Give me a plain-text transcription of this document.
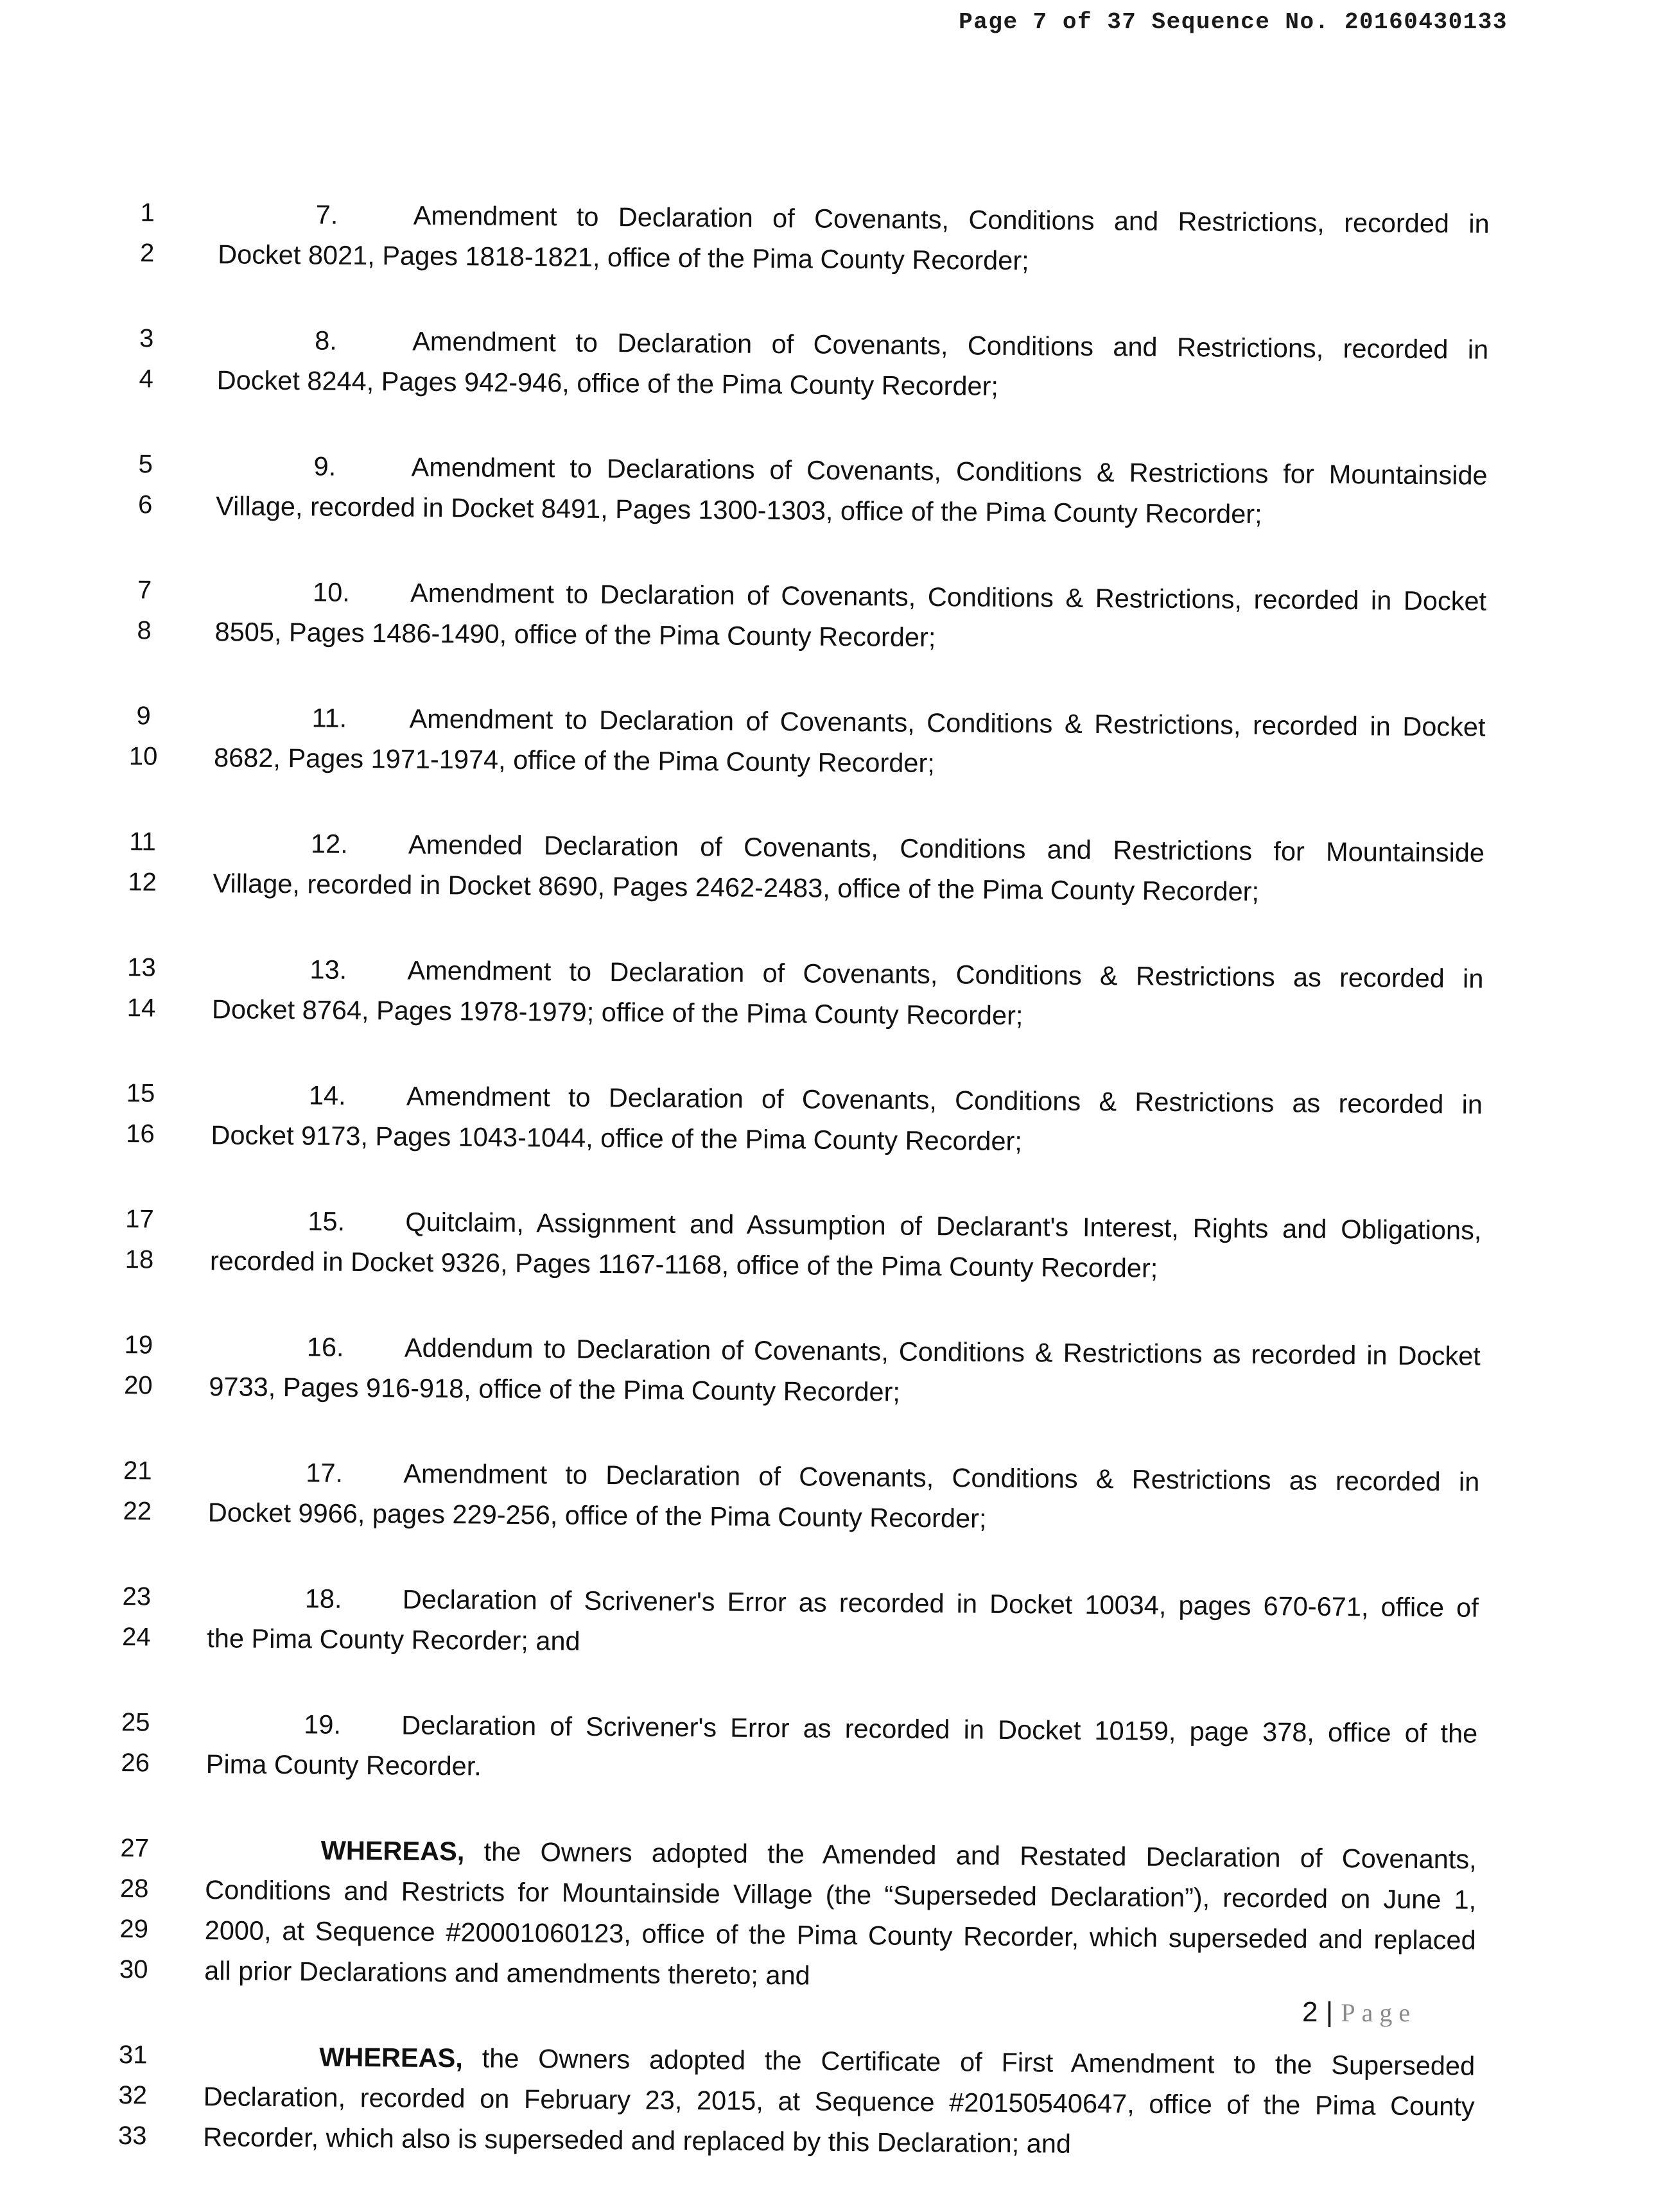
Page 7 of 37 Sequence No. 20160430133
1	7.	Amendment to Declaration of Covenants, Conditions and Restrictions, recorded in
2	Docket 8021, Pages 1818-1821, office of the Pima County Recorder;
3	8.	Amendment to Declaration of Covenants, Conditions and Restrictions, recorded in
4	Docket 8244, Pages 942-946, office of the Pima County Recorder;
5	9.	Amendment to Declarations of Covenants, Conditions & Restrictions for Mountainside
6	Village, recorded in Docket 8491, Pages 1300-1303, office of the Pima County Recorder;
7	10. Amendment to Declaration of Covenants, Conditions & Restrictions, recorded in Docket
8	8505, Pages 1486-1490, office of the Pima County Recorder;
9	11. Amendment to Declaration of Covenants, Conditions & Restrictions, recorded in Docket
10	8682, Pages 1971-1974, office of the Pima County Recorder;
11	12. Amended Declaration of Covenants, Conditions and Restrictions for Mountainside
12	Village, recorded in Docket 8690, Pages 2462-2483, office of the Pima County Recorder;
13	13. Amendment to Declaration of Covenants, Conditions & Restrictions as recorded in
14	Docket 8764, Pages 1978-1979; office of the Pima County Recorder;
15	14. Amendment to Declaration of Covenants, Conditions & Restrictions as recorded in
16	Docket 9173, Pages 1043-1044, office of the Pima County Recorder;
17	15. Quitclaim, Assignment and Assumption of Declarant's Interest, Rights and Obligations,
18	recorded in Docket 9326, Pages 1167-1168, office of the Pima County Recorder;
19	16. Addendum to Declaration of Covenants, Conditions & Restrictions as recorded in Docket
20	9733, Pages 916-918, office of the Pima County Recorder;
21	17. Amendment to Declaration of Covenants, Conditions & Restrictions as recorded in
22	Docket 9966, pages 229-256, office of the Pima County Recorder;
23	18. Declaration of Scrivener's Error as recorded in Docket 10034, pages 670-671, office of
24	the Pima County Recorder; and
25	19. Declaration of Scrivener's Error as recorded in Docket 10159, page 378, office of the
26	Pima County Recorder.
27	WHEREAS, the Owners adopted the Amended and Restated Declaration of Covenants,
28	Conditions and Restricts for Mountainside Village (the “Superseded Declaration”), recorded on June 1,
29	2000, at Sequence #20001060123, office of the Pima County Recorder, which superseded and replaced
30	all prior Declarations and amendments thereto; and
31	WHEREAS, the Owners adopted the Certificate of First Amendment to the Superseded
32	Declaration, recorded on February 23, 2015, at Sequence #20150540647, office of the Pima County
33	Recorder, which also is superseded and replaced by this Declaration; and
2 | Page
